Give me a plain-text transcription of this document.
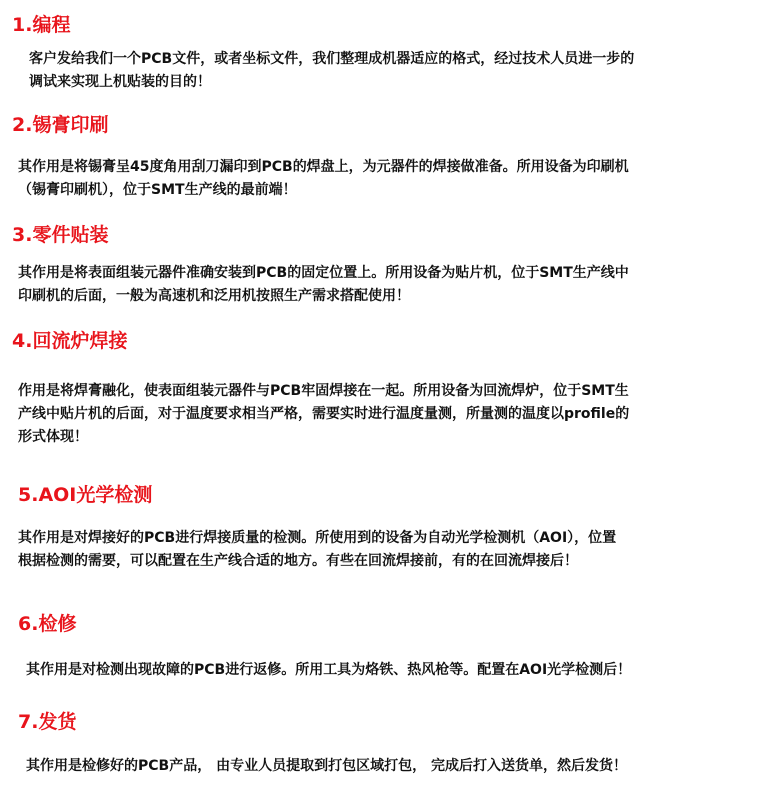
1.编程

客户发给我们一个PCB文件，或者坐标文件，我们整理成机器适应的格式，经过技术人员进一步的
调试来实现上机贴装的目的！

2.锡膏印刷

其作用是将锡膏呈45度角用刮刀漏印到PCB的焊盘上，为元器件的焊接做准备。所用设备为印刷机
（锡膏印刷机），位于SMT生产线的最前端！

3.零件贴装

其作用是将表面组装元器件准确安装到PCB的固定位置上。所用设备为贴片机，位于SMT生产线中
印刷机的后面，一般为高速机和泛用机按照生产需求搭配使用！

4.回流炉焊接

作用是将焊膏融化，使表面组装元器件与PCB牢固焊接在一起。所用设备为回流焊炉，位于SMT生
产线中贴片机的后面，对于温度要求相当严格，需要实时进行温度量测，所量测的温度以profile的
形式体现！

5.AOI光学检测

其作用是对焊接好的PCB进行焊接质量的检测。所使用到的设备为自动光学检测机（AOI），位置
根据检测的需要，可以配置在生产线合适的地方。有些在回流焊接前，有的在回流焊接后！

6.检修

其作用是对检测出现故障的PCB进行返修。所用工具为烙铁、热风枪等。配置在AOI光学检测后！

7.发货

其作用是检修好的PCB产品， 由专业人员提取到打包区域打包， 完成后打入送货单，然后发货！
